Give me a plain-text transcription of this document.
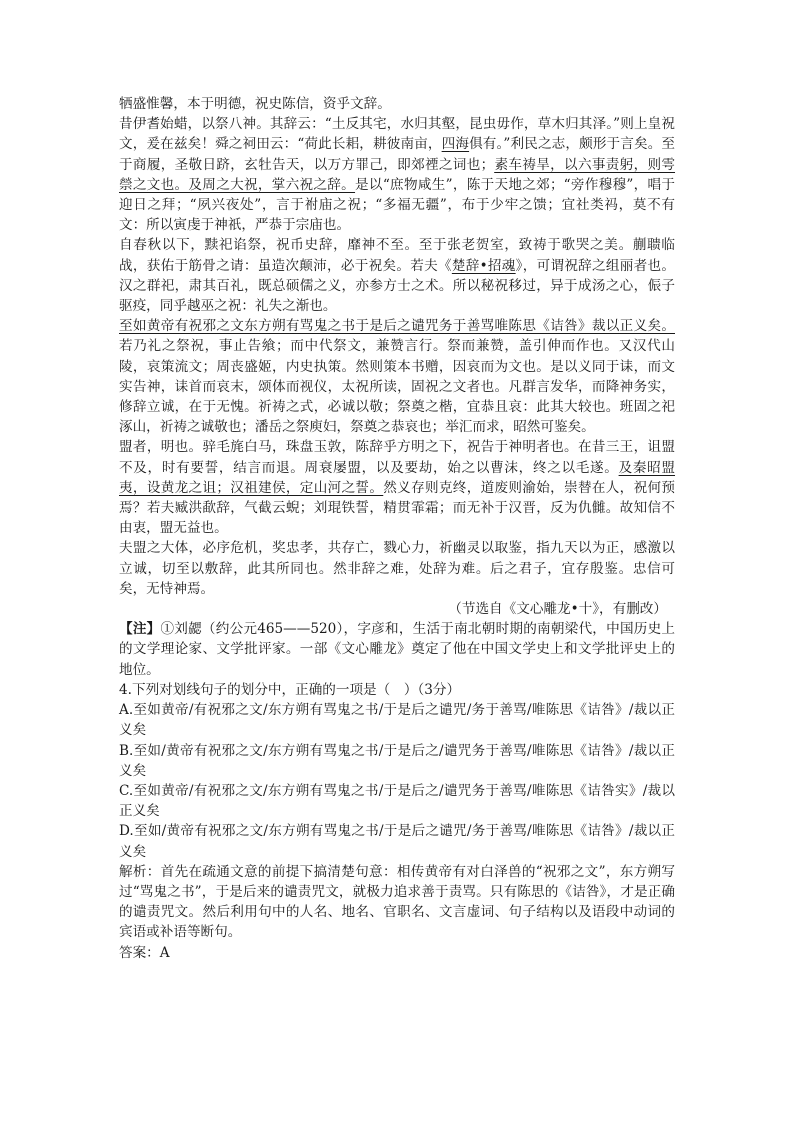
牺盛惟馨，本于明德，祝史陈信，资乎文辞。

昔伊耆始蜡，以祭八神。其辞云：“土反其宅，水归其壑，昆虫毋作，草木归其泽。”则上皇祝文，爰在兹矣！舜之祠田云：“荷此长耜，耕彼南亩，四海俱有。”利民之志，颇形于言矣。至于商履，圣敬日跻，玄牡告天，以万方罪己，即郊禋之词也；素车祷旱，以六事责躬，则雩禜之文也。及周之大祝，掌六祝之辞。是以“庶物咸生”，陈于天地之郊；“旁作穆穆”，唱于迎日之拜；“夙兴夜处”，言于祔庙之祝；“多福无疆”，布于少牢之馈；宜社类祃，莫不有文：所以寅虔于神祇，严恭于宗庙也。

自春秋以下，黩祀谄祭，祝币史辞，靡神不至。至于张老贺室，致祷于歌哭之美。蒯聩临战，获佑于筋骨之请：虽造次颠沛，必于祝矣。若夫《楚辞•招魂》，可谓祝辞之组丽者也。汉之群祀，肃其百礼，既总硕儒之义，亦参方士之术。所以秘祝移过，异于成汤之心，侲子驱疫，同乎越巫之祝：礼失之渐也。

至如黄帝有祝邪之文东方朔有骂鬼之书于是后之谴咒务于善骂唯陈思《诘咎》裁以正义矣。若乃礼之祭祝，事止告飨；而中代祭文，兼赞言行。祭而兼赞，盖引伸而作也。又汉代山陵，哀策流文；周丧盛姬，内史执策。然则策本书赠，因哀而为文也。是以义同于诔，而文实告神，诔首而哀末，颂体而视仪，太祝所读，固祝之文者也。凡群言发华，而降神务实，修辞立诚，在于无愧。祈祷之式，必诚以敬；祭奠之楷，宜恭且哀：此其大较也。班固之祀涿山，祈祷之诚敬也；潘岳之祭庾妇，祭奠之恭哀也；举汇而求，昭然可鉴矣。

盟者，明也。骍毛旄白马，珠盘玉敦，陈辞乎方明之下，祝告于神明者也。在昔三王，诅盟不及，时有要誓，结言而退。周衰屡盟，以及要劫，始之以曹沫，终之以毛遂。及秦昭盟夷，设黄龙之诅；汉祖建侯，定山河之誓。然义存则克终，道废则渝始，崇替在人，祝何预焉？若夫臧洪歃辞，气截云蜺；刘琨铁誓，精贯霏霜；而无补于汉晋，反为仇雠。故知信不由衷，盟无益也。

夫盟之大体，必序危机，奖忠孝，共存亡，戮心力，祈幽灵以取鉴，指九天以为正，感激以立诚，切至以敷辞，此其所同也。然非辞之难，处辞为难。后之君子，宜存殷鉴。忠信可矣，无恃神焉。

（节选自《文心雕龙•十》，有删改）

【注】①刘勰（约公元465——520），字彦和，生活于南北朝时期的南朝梁代，中国历史上的文学理论家、文学批评家。一部《文心雕龙》奠定了他在中国文学史上和文学批评史上的地位。

4.下列对划线句子的划分中，正确的一项是（　）（3分）

A.至如黄帝/有祝邪之文/东方朔有骂鬼之书/于是后之谴咒/务于善骂/唯陈思《诘咎》/裁以正义矣

B.至如/黄帝有祝邪之文/东方朔有骂鬼之书/于是后之/谴咒务于善骂/唯陈思《诘咎》/裁以正义矣

C.至如黄帝/有祝邪之文/东方朔有骂鬼之书/于是后之/谴咒务于善骂/唯陈思《诘咎实》/裁以正义矣

D.至如/黄帝有祝邪之文/东方朔有骂鬼之书/于是后之谴咒/务于善骂/唯陈思《诘咎》/裁以正义矣

解析：首先在疏通文意的前提下搞清楚句意：相传黄帝有对白泽兽的“祝邪之文”，东方朔写过“骂鬼之书”，于是后来的谴责咒文，就极力追求善于责骂。只有陈思的《诘咎》，才是正确的谴责咒文。然后利用句中的人名、地名、官职名、文言虚词、句子结构以及语段中动词的宾语或补语等断句。

答案：A
